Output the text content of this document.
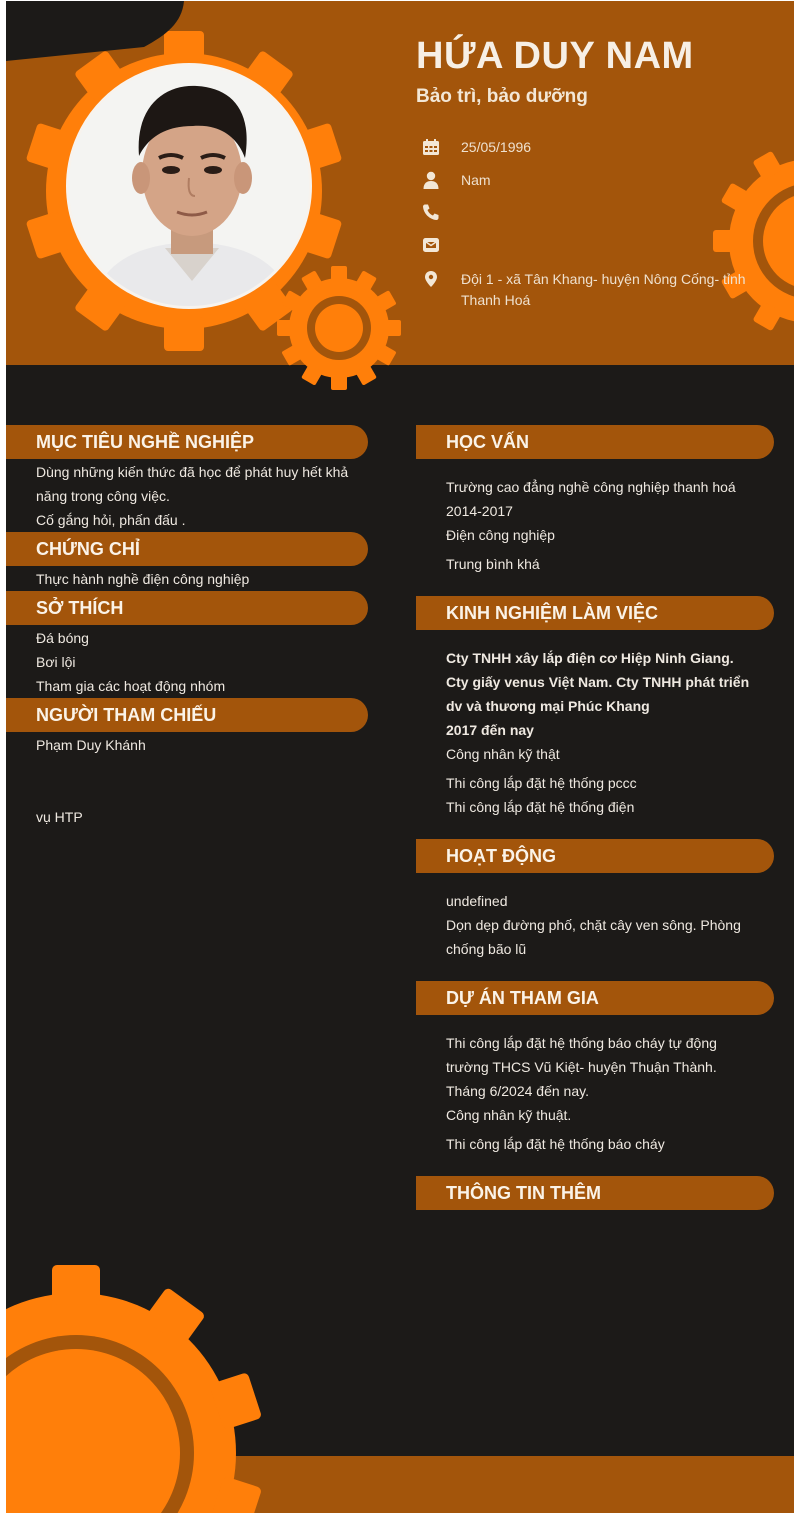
HỨA DUY NAM
Bảo trì, bảo dưỡng
25/05/1996
Nam
Đội 1 - xã Tân Khang- huyện Nông Cống- tỉnh Thanh Hoá
MỤC TIÊU NGHỀ NGHIỆP
Dùng những kiến thức đã học để phát huy hết khả năng trong công việc.
Cố gắng hỏi, phấn đấu .
CHỨNG CHỈ
Thực hành nghề điện công nghiệp
SỞ THÍCH
Đá bóng
Bơi lội
Tham gia các hoạt động nhóm
NGƯỜI THAM CHIẾU
Phạm Duy Khánh
vụ HTP
HỌC VẤN
Trường cao đẳng nghề công nghiệp thanh hoá
2014-2017
Điện công nghiệp
Trung bình khá
KINH NGHIỆM LÀM VIỆC
Cty TNHH xây lắp điện cơ Hiệp Ninh Giang. Cty giấy venus Việt Nam. Cty TNHH phát triển dv và thương mại Phúc Khang
2017 đến nay
Công nhân kỹ thật
Thi công lắp đặt hệ thống pccc
Thi công lắp đặt hệ thống điện
HOẠT ĐỘNG
undefined
Dọn dẹp đường phố, chặt cây ven sông. Phòng chống bão lũ
DỰ ÁN THAM GIA
Thi công lắp đặt hệ thống báo cháy tự động trường THCS Vũ Kiệt- huyện Thuận Thành.
Tháng 6/2024 đến nay.
Công nhân kỹ thuật.
Thi công lắp đặt hệ thống báo cháy
THÔNG TIN THÊM
